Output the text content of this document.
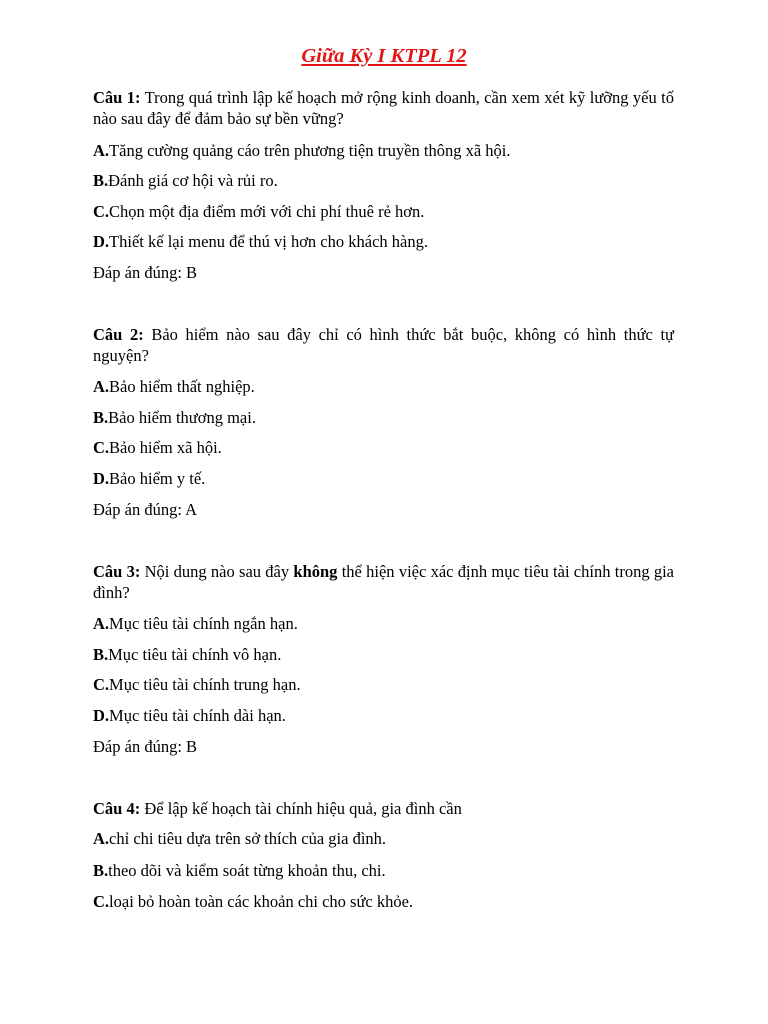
Giữa Kỳ I KTPL 12
Câu 1: Trong quá trình lập kế hoạch mở rộng kinh doanh, cần xem xét kỹ lưỡng yếu tố nào sau đây để đảm bảo sự bền vững?
A.Tăng cường quảng cáo trên phương tiện truyền thông xã hội.
B.Đánh giá cơ hội và rủi ro.
C.Chọn một địa điểm mới với chi phí thuê rẻ hơn.
D.Thiết kế lại menu để thú vị hơn cho khách hàng.
Đáp án đúng: B
Câu 2: Bảo hiểm nào sau đây chỉ có hình thức bắt buộc, không có hình thức tự nguyện?
A.Bảo hiểm thất nghiệp.
B.Bảo hiểm thương mại.
C.Bảo hiểm xã hội.
D.Bảo hiểm y tế.
Đáp án đúng: A
Câu 3: Nội dung nào sau đây không thể hiện việc xác định mục tiêu tài chính trong gia đình?
A.Mục tiêu tài chính ngắn hạn.
B.Mục tiêu tài chính vô hạn.
C.Mục tiêu tài chính trung hạn.
D.Mục tiêu tài chính dài hạn.
Đáp án đúng: B
Câu 4: Để lập kế hoạch tài chính hiệu quả, gia đình cần
A.chỉ chi tiêu dựa trên sở thích của gia đình.
B.theo dõi và kiểm soát từng khoản thu, chi.
C.loại bỏ hoàn toàn các khoản chi cho sức khỏe.
